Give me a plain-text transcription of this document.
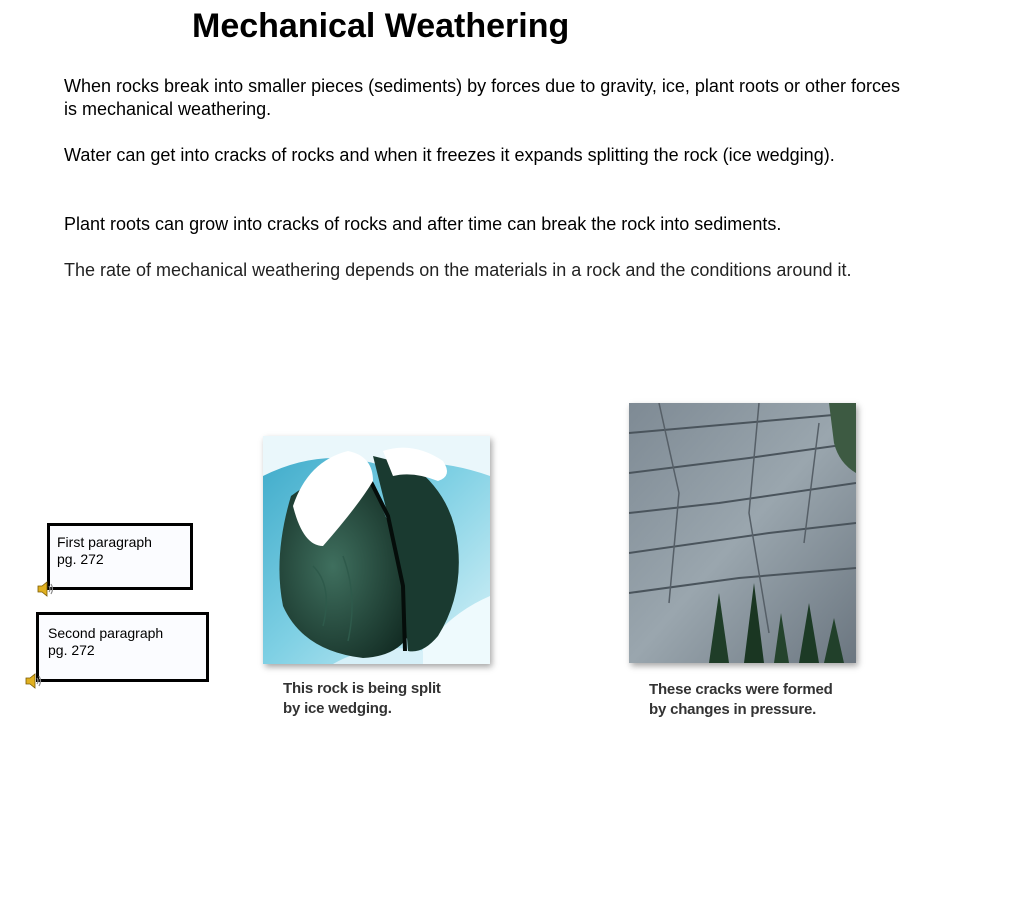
Mechanical Weathering

When rocks break into smaller pieces (sediments) by forces due to gravity, ice, plant roots or other forces is mechanical weathering.

Water can get into cracks of rocks and when it freezes it expands splitting the rock (ice wedging).

Plant roots can grow into cracks of rocks and after time can break the rock into sediments.

The rate of mechanical weathering depends on the materials in a rock and the conditions around it.

First paragraph
pg. 272
Second paragraph
pg. 272
This rock is being split
by ice wedging.
These cracks were formed
by changes in pressure.
